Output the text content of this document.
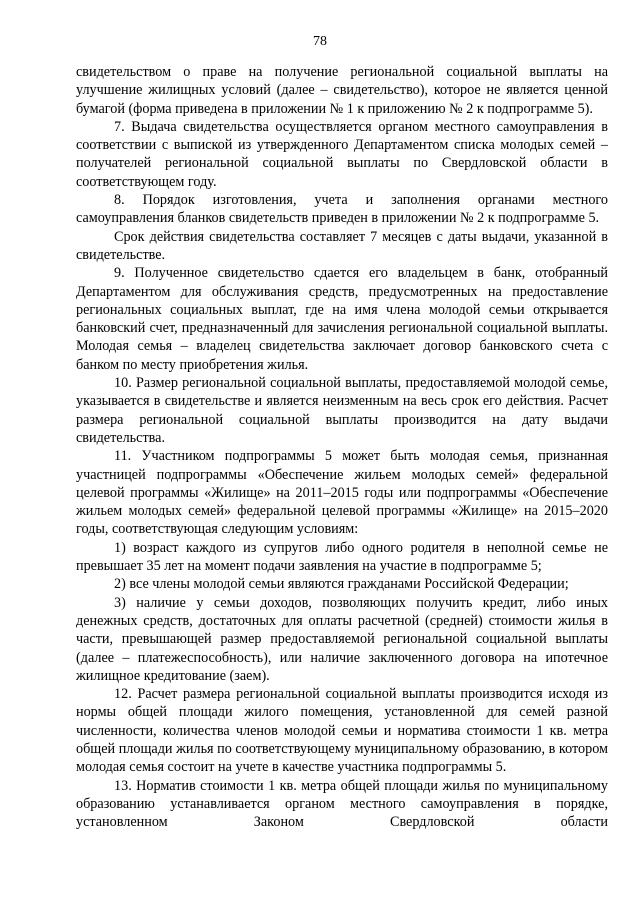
78

свидетельством о праве на получение региональной социальной выплаты на улучшение жилищных условий (далее – свидетельство), которое не является ценной бумагой (форма приведена в приложении № 1 к приложению № 2 к подпрограмме 5).

7. Выдача свидетельства осуществляется органом местного самоуправления в соответствии с выпиской из утвержденного Департаментом списка молодых семей – получателей региональной социальной выплаты по Свердловской области в соответствующем году.

8. Порядок изготовления, учета и заполнения органами местного самоуправления бланков свидетельств приведен в приложении № 2 к подпрограмме 5.

Срок действия свидетельства составляет 7 месяцев с даты выдачи, указанной в свидетельстве.

9. Полученное свидетельство сдается его владельцем в банк, отобранный Департаментом для обслуживания средств, предусмотренных на предоставление региональных социальных выплат, где на имя члена молодой семьи открывается банковский счет, предназначенный для зачисления региональной социальной выплаты. Молодая семья – владелец свидетельства заключает договор банковского счета с банком по месту приобретения жилья.

10. Размер региональной социальной выплаты, предоставляемой молодой семье, указывается в свидетельстве и является неизменным на весь срок его действия. Расчет размера региональной социальной выплаты производится на дату выдачи свидетельства.

11. Участником подпрограммы 5 может быть молодая семья, признанная участницей подпрограммы «Обеспечение жильем молодых семей» федеральной целевой программы «Жилище» на 2011–2015 годы или подпрограммы «Обеспечение жильем молодых семей» федеральной целевой программы «Жилище» на 2015–2020 годы, соответствующая следующим условиям:

1) возраст каждого из супругов либо одного родителя в неполной семье не превышает 35 лет на момент подачи заявления на участие в подпрограмме 5;

2) все члены молодой семьи являются гражданами Российской Федерации;

3) наличие у семьи доходов, позволяющих получить кредит, либо иных денежных средств, достаточных для оплаты расчетной (средней) стоимости жилья в части, превышающей размер предоставляемой региональной социальной выплаты (далее – платежеспособность), или наличие заключенного договора на ипотечное жилищное кредитование (заем).

12. Расчет размера региональной социальной выплаты производится исходя из нормы общей площади жилого помещения, установленной для семей разной численности, количества членов молодой семьи и норматива стоимости 1 кв. метра общей площади жилья по соответствующему муниципальному образованию, в котором молодая семья состоит на учете в качестве участника подпрограммы 5.

13. Норматив стоимости 1 кв. метра общей площади жилья по муниципальному образованию устанавливается органом местного самоуправления в порядке, установленном Законом Свердловской области
